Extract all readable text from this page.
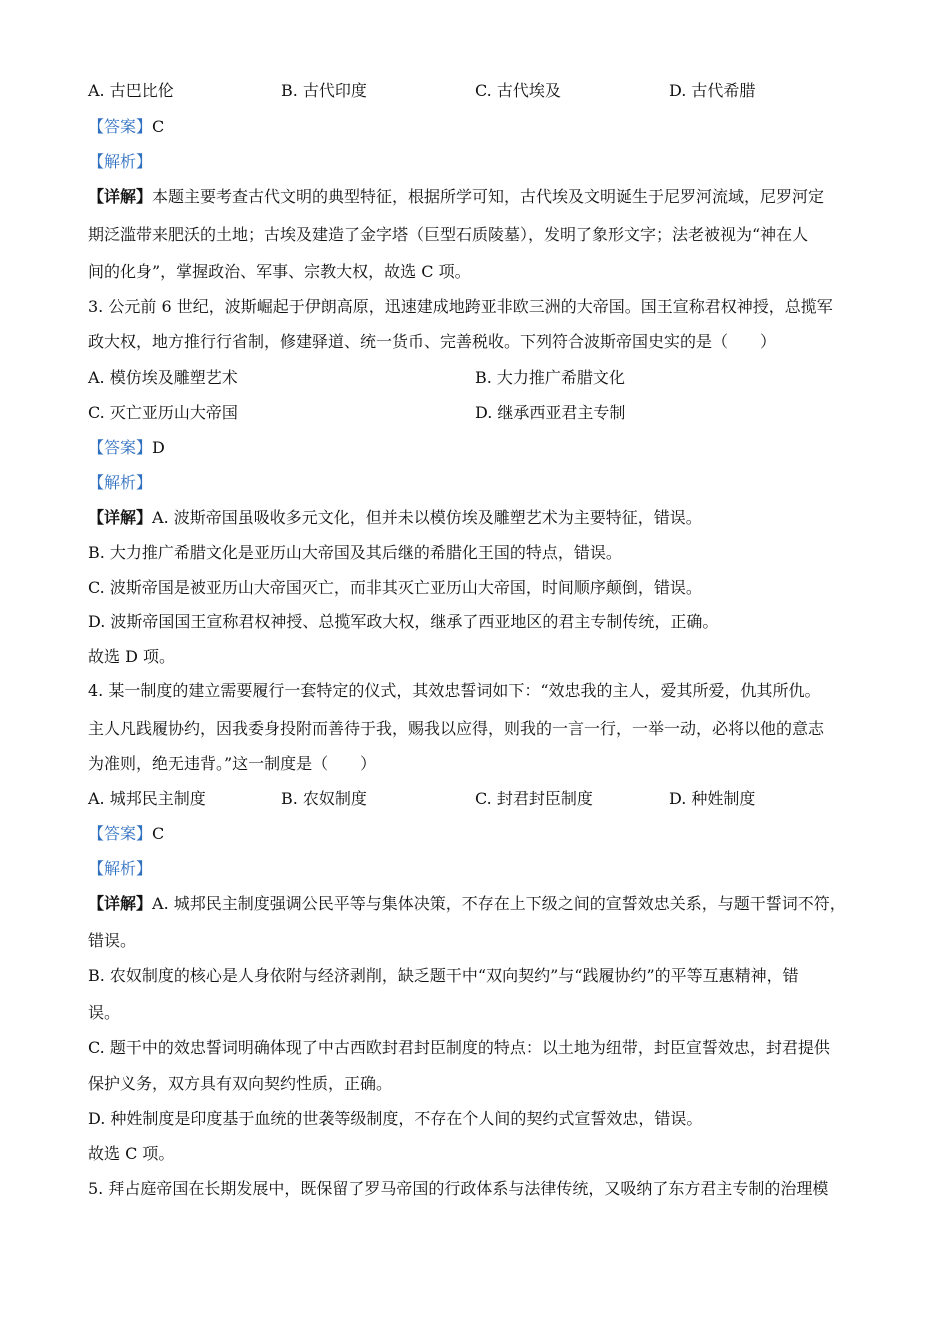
A. 古巴比伦	B. 古代印度	C. 古代埃及	D. 古代希腊
【答案】C
【解析】
【详解】本题主要考查古代文明的典型特征，根据所学可知，古代埃及文明诞生于尼罗河流域，尼罗河定
期泛滥带来肥沃的土地；古埃及建造了金字塔（巨型石质陵墓），发明了象形文字；法老被视为“神在人
间的化身”，掌握政治、军事、宗教大权，故选 C 项。
3. 公元前 6 世纪，波斯崛起于伊朗高原，迅速建成地跨亚非欧三洲的大帝国。国王宣称君权神授，总揽军
政大权，地方推行行省制，修建驿道、统一货币、完善税收。下列符合波斯帝国史实的是（　　）
A. 模仿埃及雕塑艺术	B. 大力推广希腊文化
C. 灭亡亚历山大帝国	D. 继承西亚君主专制
【答案】D
【解析】
【详解】A. 波斯帝国虽吸收多元文化，但并未以模仿埃及雕塑艺术为主要特征，错误。
B. 大力推广希腊文化是亚历山大帝国及其后继的希腊化王国的特点，错误。
C. 波斯帝国是被亚历山大帝国灭亡，而非其灭亡亚历山大帝国，时间顺序颠倒，错误。
D. 波斯帝国国王宣称君权神授、总揽军政大权，继承了西亚地区的君主专制传统，正确。
故选 D 项。
4. 某一制度的建立需要履行一套特定的仪式，其效忠誓词如下：“效忠我的主人，爱其所爱，仇其所仇。
主人凡践履协约，因我委身投附而善待于我，赐我以应得，则我的一言一行，一举一动，必将以他的意志
为准则，绝无违背。”这一制度是（　　）
A. 城邦民主制度	B. 农奴制度	C. 封君封臣制度	D. 种姓制度
【答案】C
【解析】
【详解】A. 城邦民主制度强调公民平等与集体决策，不存在上下级之间的宣誓效忠关系，与题干誓词不符，
错误。
B. 农奴制度的核心是人身依附与经济剥削，缺乏题干中“双向契约”与“践履协约”的平等互惠精神，错
误。
C. 题干中的效忠誓词明确体现了中古西欧封君封臣制度的特点：以土地为纽带，封臣宣誓效忠，封君提供
保护义务，双方具有双向契约性质，正确。
D. 种姓制度是印度基于血统的世袭等级制度，不存在个人间的契约式宣誓效忠，错误。
故选 C 项。
5. 拜占庭帝国在长期发展中，既保留了罗马帝国的行政体系与法律传统，又吸纳了东方君主专制的治理模
